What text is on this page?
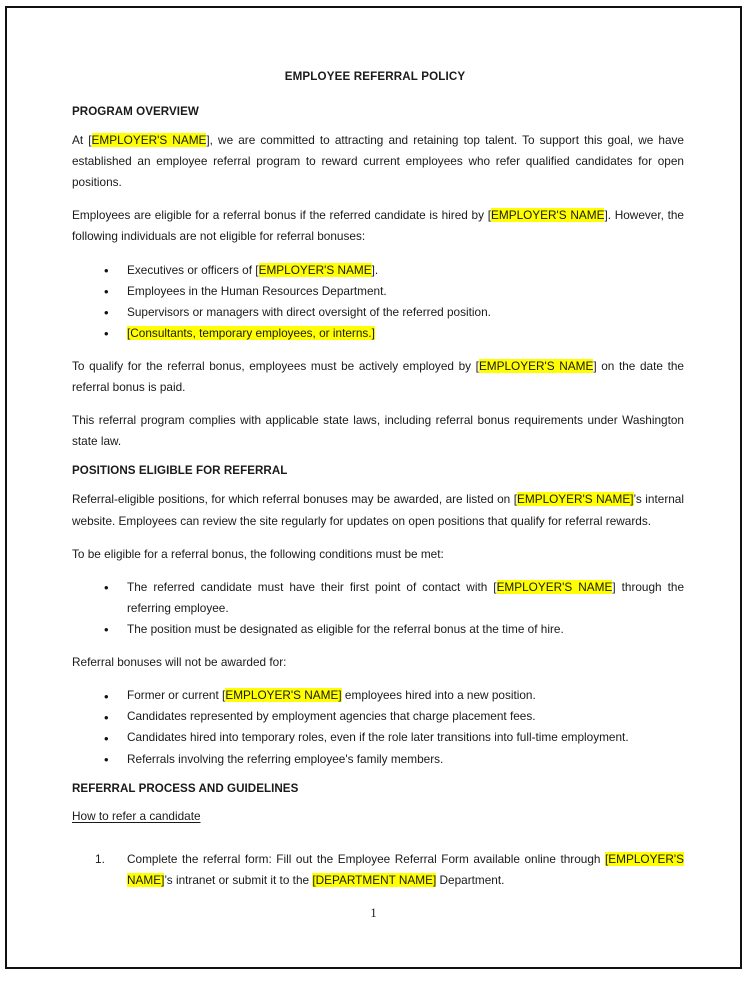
EMPLOYEE REFERRAL POLICY
PROGRAM OVERVIEW

At [EMPLOYER'S NAME], we are committed to attracting and retaining top talent. To support this goal, we have established an employee referral program to reward current employees who refer qualified candidates for open positions.

Employees are eligible for a referral bonus if the referred candidate is hired by [EMPLOYER'S NAME]. However, the following individuals are not eligible for referral bonuses:

• Executives or officers of [EMPLOYER'S NAME].
• Employees in the Human Resources Department.
• Supervisors or managers with direct oversight of the referred position.
• [Consultants, temporary employees, or interns.]

To qualify for the referral bonus, employees must be actively employed by [EMPLOYER'S NAME] on the date the referral bonus is paid.

This referral program complies with applicable state laws, including referral bonus requirements under Washington state law.

POSITIONS ELIGIBLE FOR REFERRAL

Referral-eligible positions, for which referral bonuses may be awarded, are listed on [EMPLOYER'S NAME]’s internal website. Employees can review the site regularly for updates on open positions that qualify for referral rewards.

To be eligible for a referral bonus, the following conditions must be met:

• The referred candidate must have their first point of contact with [EMPLOYER'S NAME] through the referring employee.
• The position must be designated as eligible for the referral bonus at the time of hire.

Referral bonuses will not be awarded for:

• Former or current [EMPLOYER'S NAME] employees hired into a new position.
• Candidates represented by employment agencies that charge placement fees.
• Candidates hired into temporary roles, even if the role later transitions into full-time employment.
• Referrals involving the referring employee's family members.
REFERRAL PROCESS AND GUIDELINES
How to refer a candidate
Complete the referral form: Fill out the Employee Referral Form available online through [EMPLOYER'S NAME]’s intranet or submit it to the [DEPARTMENT NAME] Department.
1
